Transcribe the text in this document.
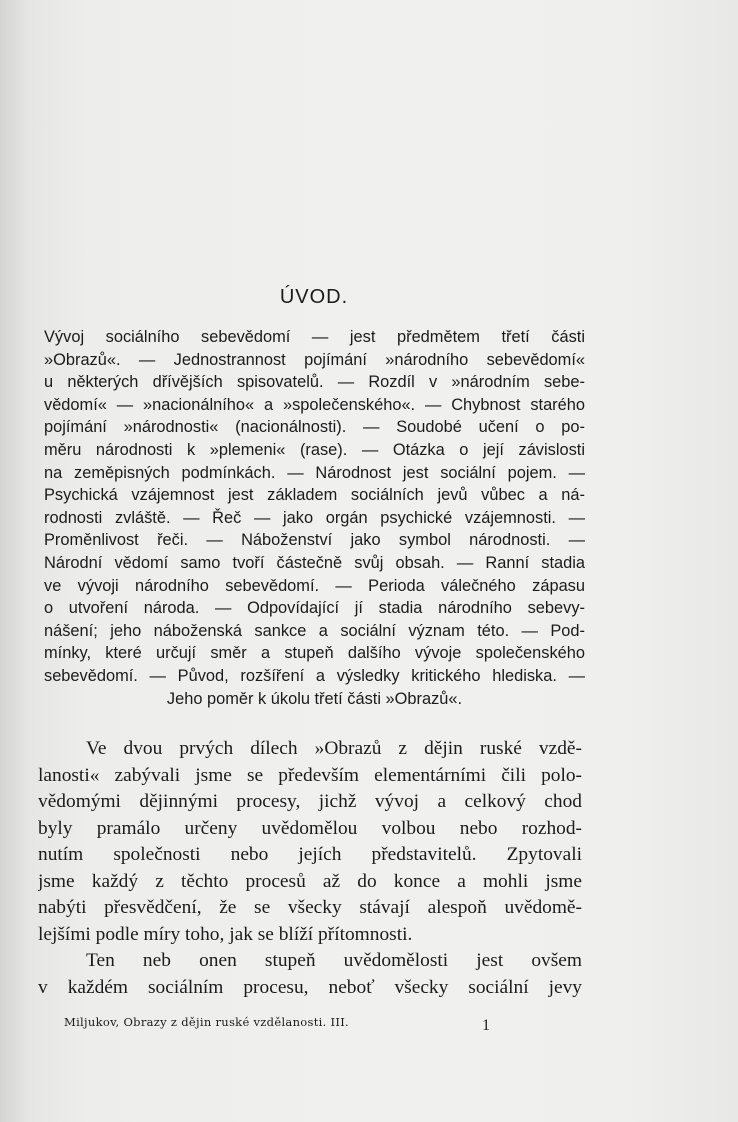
ÚVOD.
Vývoj sociálního sebevědomí — jest předmětem třetí části
»Obrazů«. — Jednostrannost pojímání »národního sebevědomí«
u některých dřívějších spisovatelů. — Rozdíl v »národním sebe-
vědomí« — »nacionálního« a »společenského«. — Chybnost starého
pojímání »národnosti« (nacionálnosti). — Soudobé učení o po-
měru národnosti k »plemeni« (rase). — Otázka o její závislosti
na zeměpisných podmínkách. — Národnost jest sociální pojem. —
Psychická vzájemnost jest základem sociálních jevů vůbec a ná-
rodnosti zvláště. — Řeč — jako orgán psychické vzájemnosti. —
Proměnlivost řeči. — Náboženství jako symbol národnosti. —
Národní vědomí samo tvoří částečně svůj obsah. — Ranní stadia
ve vývoji národního sebevědomí. — Perioda válečného zápasu
o utvoření národa. — Odpovídající jí stadia národního sebevy-
nášení; jeho náboženská sankce a sociální význam této. — Pod-
mínky, které určují směr a stupeň dalšího vývoje společenského
sebevědomí. — Původ, rozšíření a výsledky kritického hlediska. —
Jeho poměr k úkolu třetí části »Obrazů«.
Ve dvou prvých dílech »Obrazů z dějin ruské vzdě-
lanosti« zabývali jsme se především elementárními čili polo-
vědomými dějinnými procesy, jichž vývoj a celkový chod
byly pramálo určeny uvědomělou volbou nebo rozhod-
nutím společnosti nebo jejích představitelů. Zpytovali
jsme každý z těchto procesů až do konce a mohli jsme
nabýti přesvědčení, že se všecky stávají alespoň uvědomě-
lejšími podle míry toho, jak se blíží přítomnosti.
Ten neb onen stupeň uvědomělosti jest ovšem
v každém sociálním procesu, neboť všecky sociální jevy
Miljukov, Obrazy z dějin ruské vzdělanosti. III.	1
